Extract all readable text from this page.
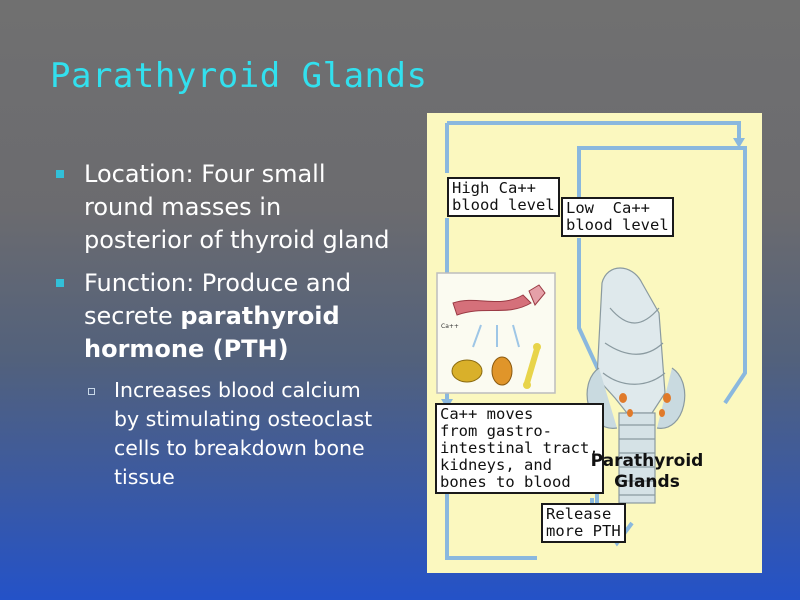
Parathyroid Glands
Location: Four small round masses in posterior of thyroid gland
Function: Produce and secrete parathyroid hormone (PTH)
Increases blood calcium by stimulating osteoclast cells to breakdown bone tissue
Ca++
High Ca++
blood level Low  Ca++
blood level
Ca++ moves
from gastro-
intestinal tract,
kidneys, and
bones to blood
Release
more PTH
Parathyroid
Glands
